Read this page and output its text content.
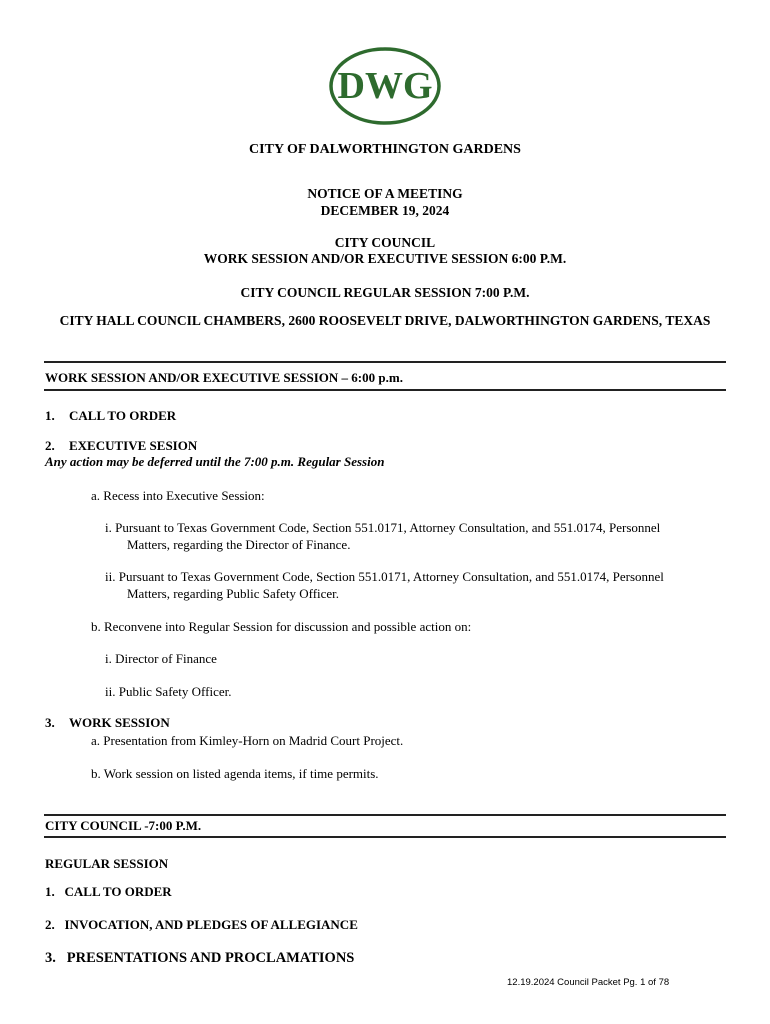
DWG
CITY OF DALWORTHINGTON GARDENS
NOTICE OF A MEETING
DECEMBER 19, 2024
CITY COUNCIL
WORK SESSION AND/OR EXECUTIVE SESSION 6:00 P.M.
CITY COUNCIL REGULAR SESSION 7:00 P.M.
CITY HALL COUNCIL CHAMBERS, 2600 ROOSEVELT DRIVE, DALWORTHINGTON GARDENS, TEXAS
WORK SESSION AND/OR EXECUTIVE SESSION – 6:00 p.m.
1. CALL TO ORDER
2. EXECUTIVE SESION
Any action may be deferred until the 7:00 p.m. Regular Session
a. Recess into Executive Session:
i. Pursuant to Texas Government Code, Section 551.0171, Attorney Consultation, and 551.0174, Personnel
Matters, regarding the Director of Finance.
ii. Pursuant to Texas Government Code, Section 551.0171, Attorney Consultation, and 551.0174, Personnel
Matters, regarding Public Safety Officer.
b. Reconvene into Regular Session for discussion and possible action on:
i. Director of Finance
ii. Public Safety Officer.
3. WORK SESSION
a. Presentation from Kimley-Horn on Madrid Court Project.
b. Work session on listed agenda items, if time permits.
CITY COUNCIL -7:00 P.M.
REGULAR SESSION
1.   CALL TO ORDER
2.   INVOCATION, AND PLEDGES OF ALLEGIANCE
3.   PRESENTATIONS AND PROCLAMATIONS
12.19.2024 Council Packet Pg. 1 of 78
